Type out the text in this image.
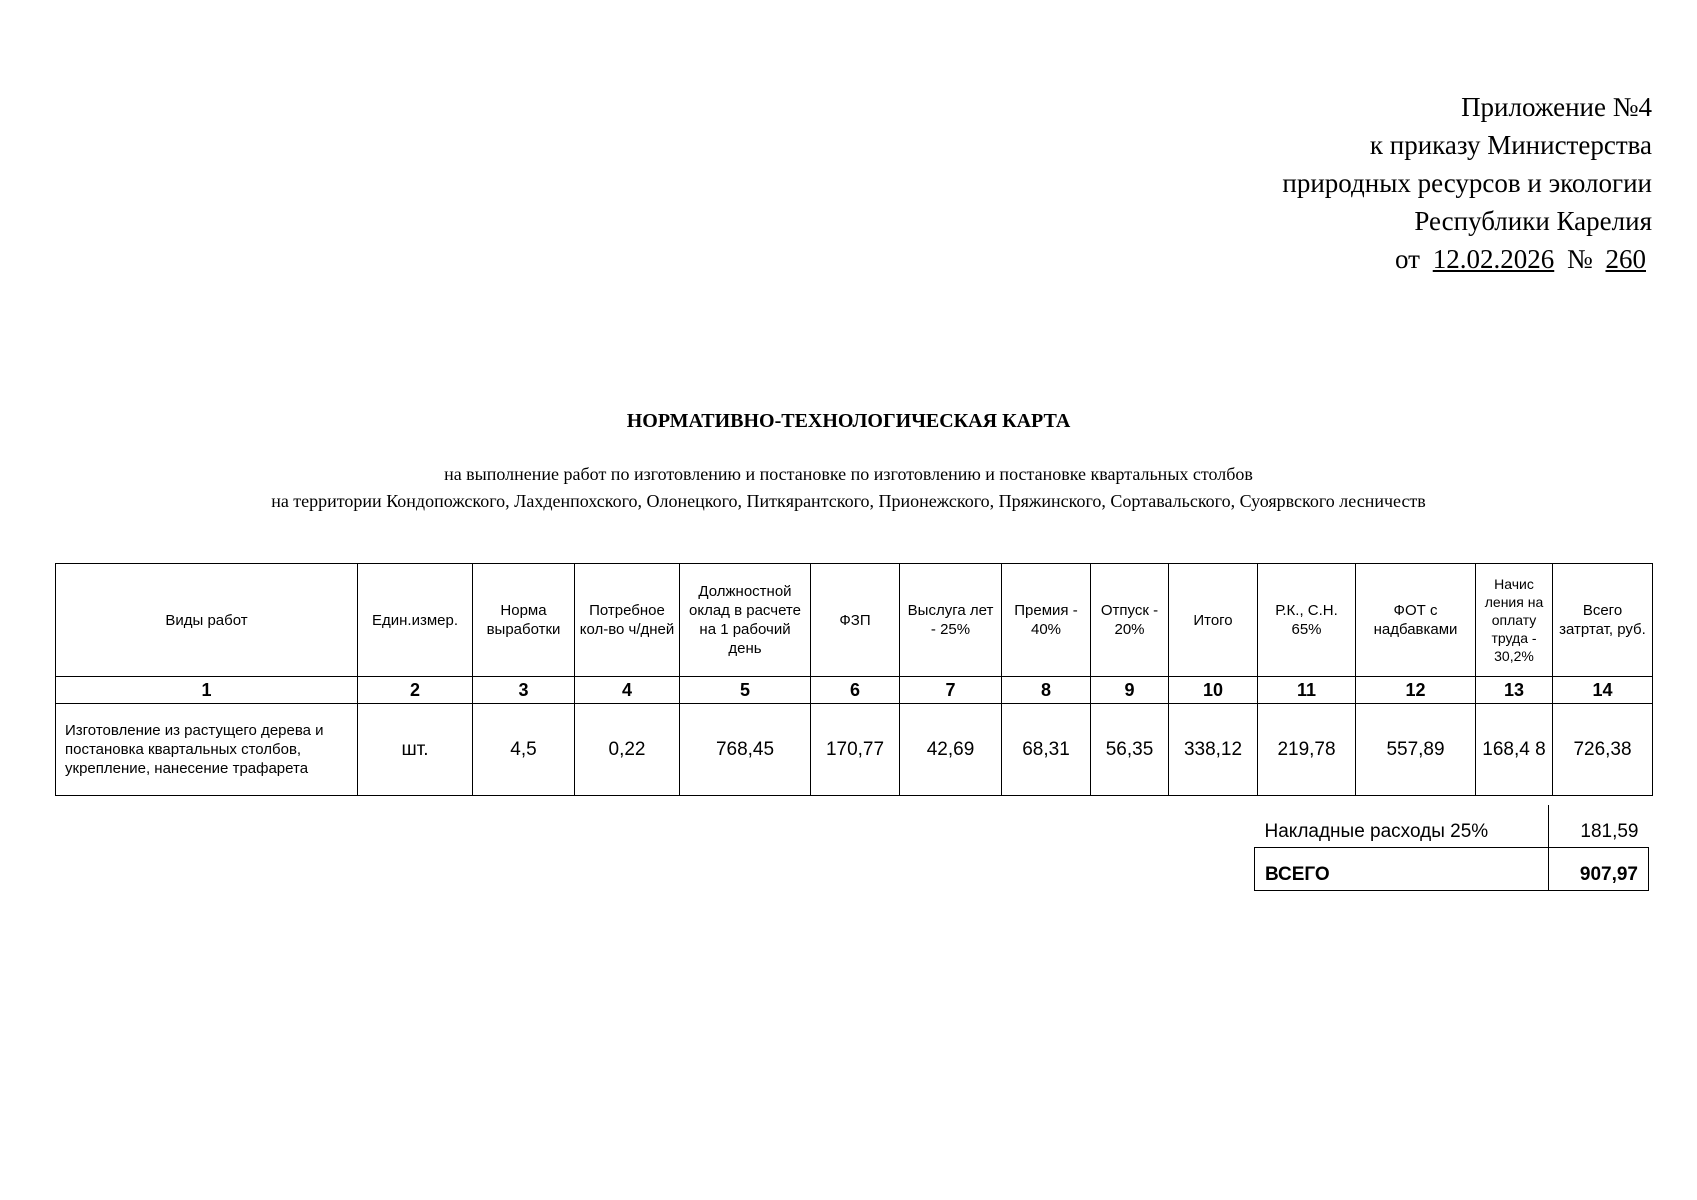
Приложение №4
к приказу Министерства
природных ресурсов и экологии
Республики Карелия
от 12.02.2026 № 260
НОРМАТИВНО-ТЕХНОЛОГИЧЕСКАЯ КАРТА
на выполнение работ по изготовлению и постановке по изготовлению и постановке квартальных столбов
на территории Кондопожского, Лахденпохского, Олонецкого, Питкярантского, Прионежского, Пряжинского, Сортавальского, Суоярвского лесничеств
Виды работ	Един.измер.	Норма выработки	Потребное кол-во ч/дней	Должностной оклад в расчете на 1 рабочий день	ФЗП	Выслуга лет - 25%	Премия - 40%	Отпуск - 20%	Итого	Р.К., С.Н. 65%	ФОТ с надбавками	Начис ления на оплату труда - 30,2%	Всего затртат, руб.
1	2	3	4	5	6	7	8	9	10	11	12	13	14
Изготовление из растущего дерева и постановка квартальных столбов, укрепление, нанесение трафарета	шт.	4,5	0,22	768,45	170,77	42,69	68,31	56,35	338,12	219,78	557,89	168,4 8	726,38
Накладные расходы 25%	181,59
ВСЕГО	907,97
